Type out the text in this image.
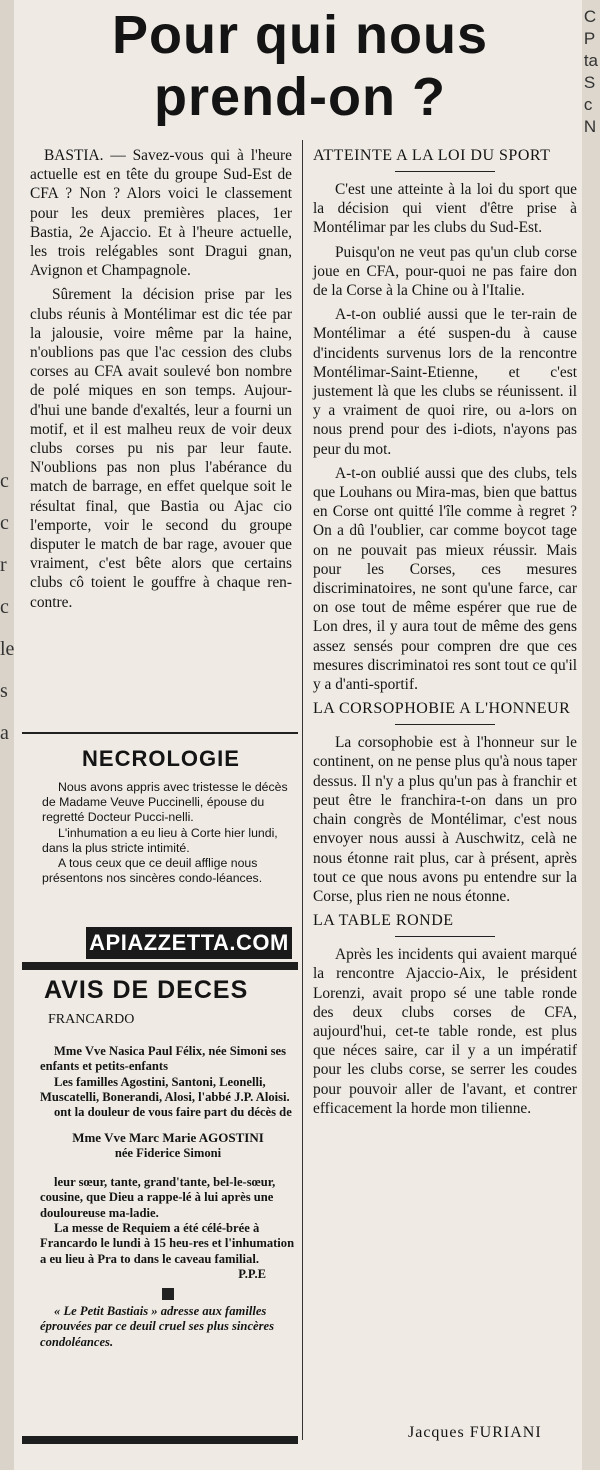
c
c
r
c
le
s
a
C
P
ta
S
c
N
Pour qui nous
prend-on ?

BASTIA. — Savez-vous qui à l'heure actuelle est en tête du groupe Sud-Est de CFA ? Non ? Alors voici le classement pour les deux premières places, 1er Bastia, 2e Ajaccio. Et à l'heure actuelle, les trois relégables sont Dragui gnan, Avignon et Champagnole.

Sûrement la décision prise par les clubs réunis à Montélimar est dic tée par la jalousie, voire même par la haine, n'oublions pas que l'ac cession des clubs corses au CFA avait soulevé bon nombre de polé miques en son temps. Aujour-d'hui une bande d'exaltés, leur a fourni un motif, et il est malheu reux de voir deux clubs corses pu nis par leur faute. N'oublions pas non plus l'abérance du match de barrage, en effet quelque soit le résultat final, que Bastia ou Ajac cio l'emporte, voir le second du groupe disputer le match de bar rage, avouer que vraiment, c'est bête alors que certains clubs cô toient le gouffre à chaque ren-contre.

NECROLOGIE

Nous avons appris avec tristesse le décès de Madame Veuve Puccinelli, épouse du regretté Docteur Pucci-nelli.

L'inhumation a eu lieu à Corte hier lundi, dans la plus stricte intimité.

A tous ceux que ce deuil afflige nous présentons nos sincères condo-léances.

APIAZZETTA.COM
AVIS DE DECES
FRANCARDO

Mme Vve Nasica Paul Félix, née Simoni ses enfants et petits-enfants

Les familles Agostini, Santoni, Leonelli, Muscatelli, Bonerandi, Alosi, l'abbé J.P. Aloisi.

ont la douleur de vous faire part du décès de

Mme Vve Marc Marie AGOSTINI

née Fiderice Simoni

leur sœur, tante, grand'tante, bel-le-sœur, cousine, que Dieu a rappe-lé à lui après une douloureuse ma-ladie.

La messe de Requiem a été célé-brée à Francardo le lundi à 15 heu-res et l'inhumation a eu lieu à Pra to dans le caveau familial.

P.P.E

« Le Petit Bastiais » adresse aux familles éprouvées par ce deuil cruel ses plus sincères condoléances.

ATTEINTE A LA LOI DU SPORT

C'est une atteinte à la loi du sport que la décision qui vient d'être prise à Montélimar par les clubs du Sud-Est.

Puisqu'on ne veut pas qu'un club corse joue en CFA, pour-quoi ne pas faire don de la Corse à la Chine ou à l'Italie.

A-t-on oublié aussi que le ter-rain de Montélimar a été suspen-du à cause d'incidents survenus lors de la rencontre Montélimar-Saint-Etienne, et c'est justement là que les clubs se réunissent. il y a vraiment de quoi rire, ou a-lors on nous prend pour des i-diots, n'ayons pas peur du mot.

A-t-on oublié aussi que des clubs, tels que Louhans ou Mira-mas, bien que battus en Corse ont quitté l'île comme à regret ? On a dû l'oublier, car comme boycot tage on ne pouvait pas mieux réussir. Mais pour les Corses, ces mesures discriminatoires, ne sont qu'une farce, car on ose tout de même espérer que rue de Lon dres, il y aura tout de même des gens assez sensés pour compren dre que ces mesures discriminatoi res sont tout ce qu'il y a d'anti-sportif.

LA CORSOPHOBIE A L'HONNEUR

La corsophobie est à l'honneur sur le continent, on ne pense plus qu'à nous taper dessus. Il n'y a plus qu'un pas à franchir et peut être le franchira-t-on dans un pro chain congrès de Montélimar, c'est nous envoyer nous aussi à Auschwitz, celà ne nous étonne rait plus, car à présent, après tout ce que nous avons pu entendre sur la Corse, plus rien ne nous étonne.

LA TABLE RONDE

Après les incidents qui avaient marqué la rencontre Ajaccio-Aix, le président Lorenzi, avait propo sé une table ronde des deux clubs corses de CFA, aujourd'hui, cet-te table ronde, est plus que néces saire, car il y a un impératif pour les clubs corse, se serrer les coudes pour pouvoir aller de l'avant, et contrer efficacement la horde mon tilienne.

Jacques FURIANI
